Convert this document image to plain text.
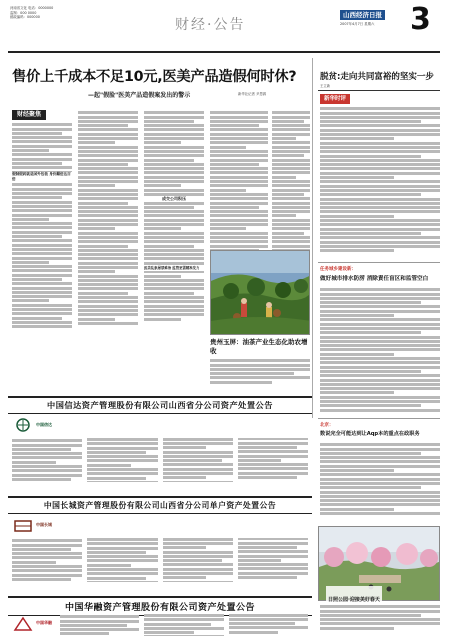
河南省文化 电话：0000000
监制：000 0000
邮政编码：000000	财经·公告
山西经济日报
2007年4月7日 星期六	3
售价上千成本不足10元,医美产品造假何时休?
—起"假脸"医美产品造假案发出的警示	新华社记者 尹思源
财经聚焦
假制假药就是国外包装 身价翻倍达百倍
成交公司积压
医美乱象屡禁难治 监管更需精准发力
贵州玉屏：油茶产业生态化助农增收
脱贫:走向共同富裕的坚实一步
王立新
新华时评
任务城乡建设新：
做好城市排水防涝 消除責任盲区和监管空白
北京：
数说完全可能达到让Aqp本的重点在政职务
日照公园·迎接美好春天
中国信达资产管理股份有限公司山西省分公司资产处置公告
中国信达
中国长城资产管理股份有限公司山西省分公司单户资产处置公告
中国长城
中国华融资产管理股份有限公司资产处置公告
中国华融
